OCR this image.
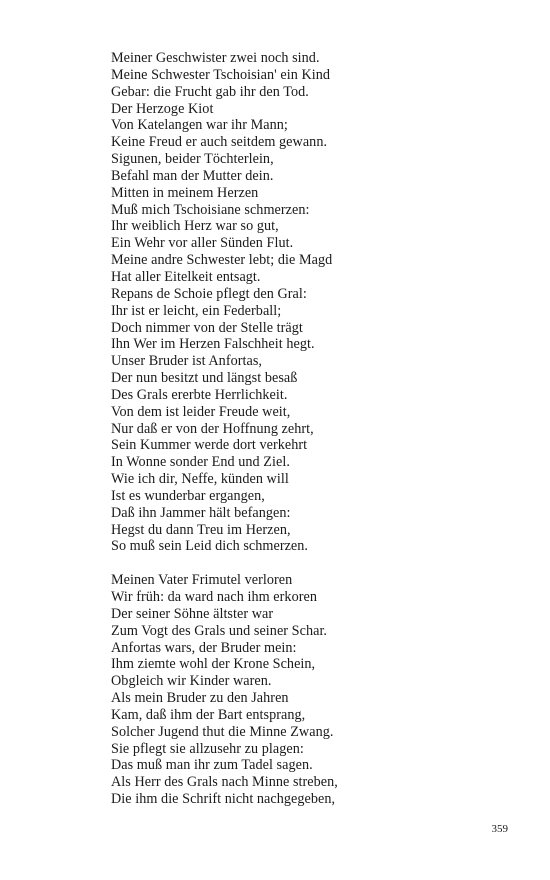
Meiner Geschwister zwei noch sind.
Meine Schwester Tschoisian' ein Kind
Gebar: die Frucht gab ihr den Tod.
Der Herzoge Kiot
Von Katelangen war ihr Mann;
Keine Freud er auch seitdem gewann.
Sigunen, beider Töchterlein,
Befahl man der Mutter dein.
Mitten in meinem Herzen
Muß mich Tschoisiane schmerzen:
Ihr weiblich Herz war so gut,
Ein Wehr vor aller Sünden Flut.
Meine andre Schwester lebt; die Magd
Hat aller Eitelkeit entsagt.
Repans de Schoie pflegt den Gral:
Ihr ist er leicht, ein Federball;
Doch nimmer von der Stelle trägt
Ihn Wer im Herzen Falschheit hegt.
Unser Bruder ist Anfortas,
Der nun besitzt und längst besaß
Des Grals ererbte Herrlichkeit.
Von dem ist leider Freude weit,
Nur daß er von der Hoffnung zehrt,
Sein Kummer werde dort verkehrt
In Wonne sonder End und Ziel.
Wie ich dir, Neffe, künden will
Ist es wunderbar ergangen,
Daß ihn Jammer hält befangen:
Hegst du dann Treu im Herzen,
So muß sein Leid dich schmerzen.
Meinen Vater Frimutel verloren
Wir früh: da ward nach ihm erkoren
Der seiner Söhne ältster war
Zum Vogt des Grals und seiner Schar.
Anfortas wars, der Bruder mein:
Ihm ziemte wohl der Krone Schein,
Obgleich wir Kinder waren.
Als mein Bruder zu den Jahren
Kam, daß ihm der Bart entsprang,
Solcher Jugend thut die Minne Zwang.
Sie pflegt sie allzusehr zu plagen:
Das muß man ihr zum Tadel sagen.
Als Herr des Grals nach Minne streben,
Die ihm die Schrift nicht nachgegeben,
359
